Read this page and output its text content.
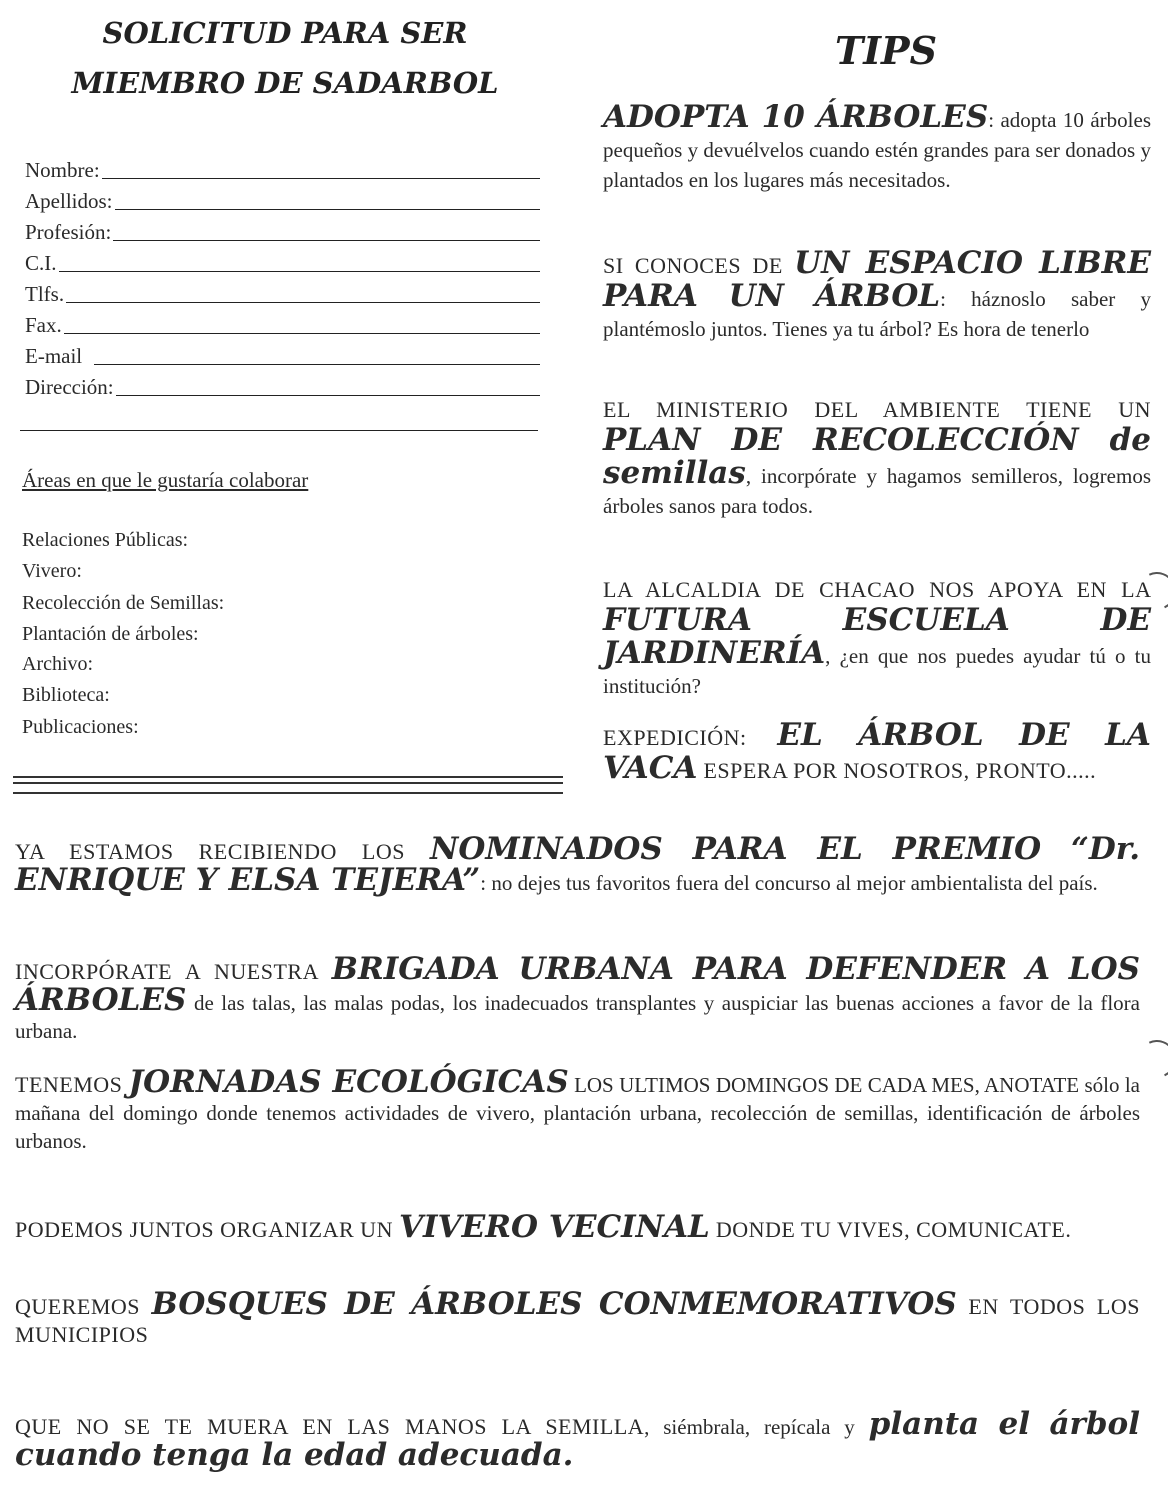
SOLICITUD PARA SER
MIEMBRO DE SADARBOL
Nombre:
Apellidos:
Profesión:
C.I.
Tlfs.
Fax.
E-mail
Dirección:
Áreas en que le gustaría colaborar
Relaciones Públicas:
Vivero:
Recolección de Semillas:
Plantación de árboles:
Archivo:
Biblioteca:
Publicaciones:
TIPS
ADOPTA 10 ÁRBOLES: adopta 10 árboles pequeños y devuélvelos cuando estén grandes para ser donados y plantados en los lugares más necesitados.
SI CONOCES DE UN ESPACIO LIBRE PARA UN ÁRBOL: háznoslo saber y plantémoslo juntos. Tienes ya tu árbol? Es hora de tenerlo
EL MINISTERIO DEL AMBIENTE TIENE UN PLAN DE RECOLECCIÓN de semillas, incorpórate y hagamos semilleros, logremos árboles sanos para todos.
LA ALCALDIA DE CHACAO NOS APOYA EN LA FUTURA ESCUELA DE JARDINERÍA, ¿en que nos puedes ayudar tú o tu institución?
EXPEDICIÓN: EL ÁRBOL DE LA VACA ESPERA POR NOSOTROS, PRONTO.....
YA ESTAMOS RECIBIENDO LOS NOMINADOS PARA EL PREMIO “Dr. ENRIQUE Y ELSA TEJERA”: no dejes tus favoritos fuera del concurso al mejor ambientalista del país.
INCORPÓRATE A NUESTRA BRIGADA URBANA PARA DEFENDER A LOS ÁRBOLES de las talas, las malas podas, los inadecuados transplantes y auspiciar las buenas acciones a favor de la flora urbana.
TENEMOS JORNADAS ECOLÓGICAS LOS ULTIMOS DOMINGOS DE CADA MES, ANOTATE sólo la mañana del domingo donde tenemos actividades de vivero, plantación urbana, recolección de semillas, identificación de árboles urbanos.
PODEMOS JUNTOS ORGANIZAR UN VIVERO VECINAL DONDE TU VIVES, COMUNICATE.
QUEREMOS BOSQUES DE ÁRBOLES CONMEMORATIVOS EN TODOS LOS MUNICIPIOS
QUE NO SE TE MUERA EN LAS MANOS LA SEMILLA, siémbrala, repícala y planta el árbol cuando tenga la edad adecuada.
